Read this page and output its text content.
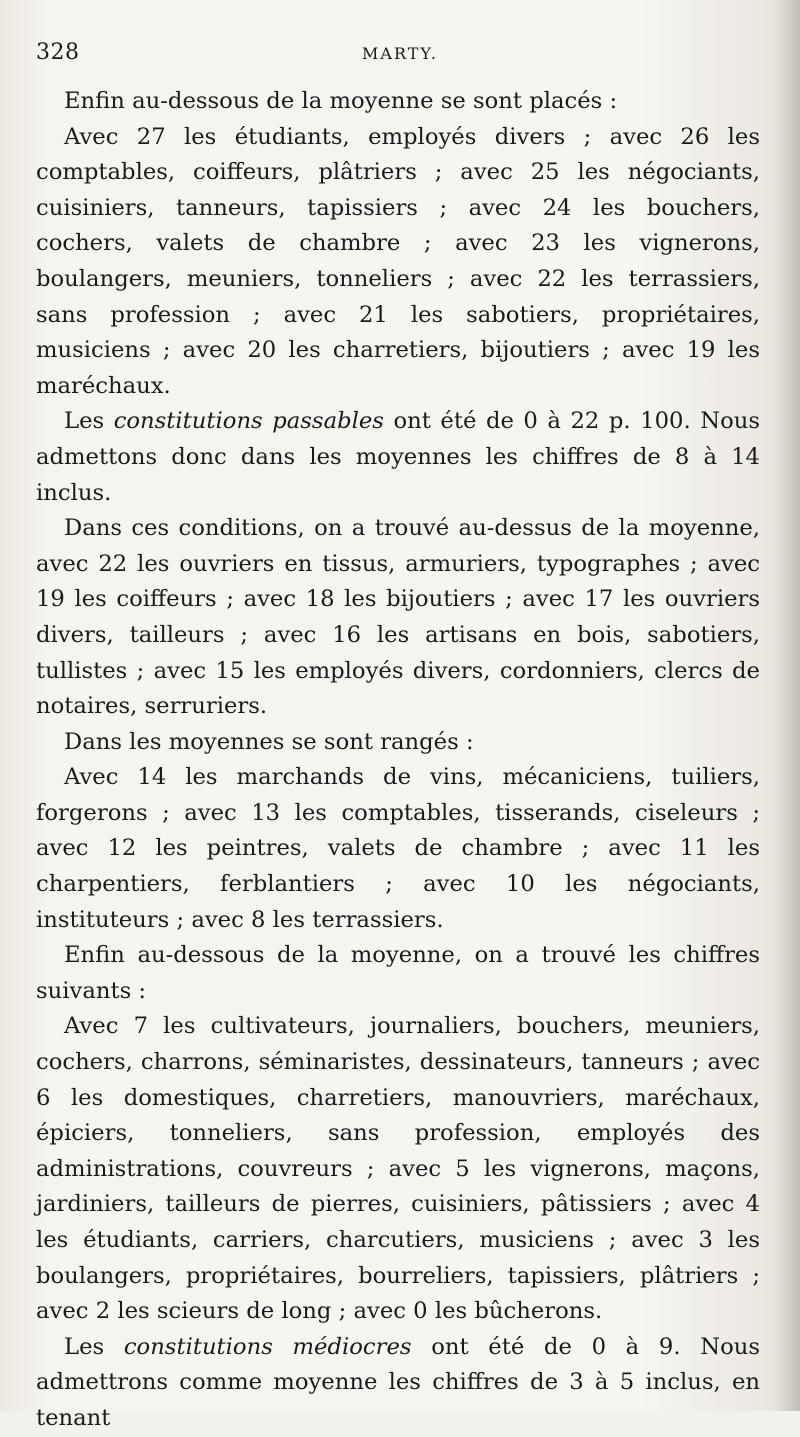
328	MARTY.

Enfin au-dessous de la moyenne se sont placés :

Avec 27 les étudiants, employés divers ; avec 26 les comptables, coiffeurs, plâtriers ; avec 25 les négociants, cuisiniers, tanneurs, tapissiers ; avec 24 les bouchers, cochers, valets de chambre ; avec 23 les vignerons, boulangers, meuniers, tonneliers ; avec 22 les terrassiers, sans profession ; avec 21 les sabotiers, propriétaires, musiciens ; avec 20 les charretiers, bijoutiers ; avec 19 les maréchaux.

Les constitutions passables ont été de 0 à 22 p. 100. Nous admettons donc dans les moyennes les chiffres de 8 à 14 inclus.

Dans ces conditions, on a trouvé au-dessus de la moyenne, avec 22 les ouvriers en tissus, armuriers, typographes ; avec 19 les coiffeurs ; avec 18 les bijoutiers ; avec 17 les ouvriers divers, tailleurs ; avec 16 les artisans en bois, sabotiers, tullistes ; avec 15 les employés divers, cordonniers, clercs de notaires, serruriers.

Dans les moyennes se sont rangés :

Avec 14 les marchands de vins, mécaniciens, tuiliers, forgerons ; avec 13 les comptables, tisserands, ciseleurs ; avec 12 les peintres, valets de chambre ; avec 11 les charpentiers, ferblantiers ; avec 10 les négociants, instituteurs ; avec 8 les terrassiers.

Enfin au-dessous de la moyenne, on a trouvé les chiffres suivants :

Avec 7 les cultivateurs, journaliers, bouchers, meuniers, cochers, charrons, séminaristes, dessinateurs, tanneurs ; avec 6 les domestiques, charretiers, manouvriers, maréchaux, épiciers, tonneliers, sans profession, employés des administrations, couvreurs ; avec 5 les vignerons, maçons, jardiniers, tailleurs de pierres, cuisiniers, pâtissiers ; avec 4 les étudiants, carriers, charcutiers, musiciens ; avec 3 les boulangers, propriétaires, bourreliers, tapissiers, plâtriers ; avec 2 les scieurs de long ; avec 0 les bûcherons.

Les constitutions médiocres ont été de 0 à 9. Nous admettrons comme moyenne les chiffres de 3 à 5 inclus, en tenant
